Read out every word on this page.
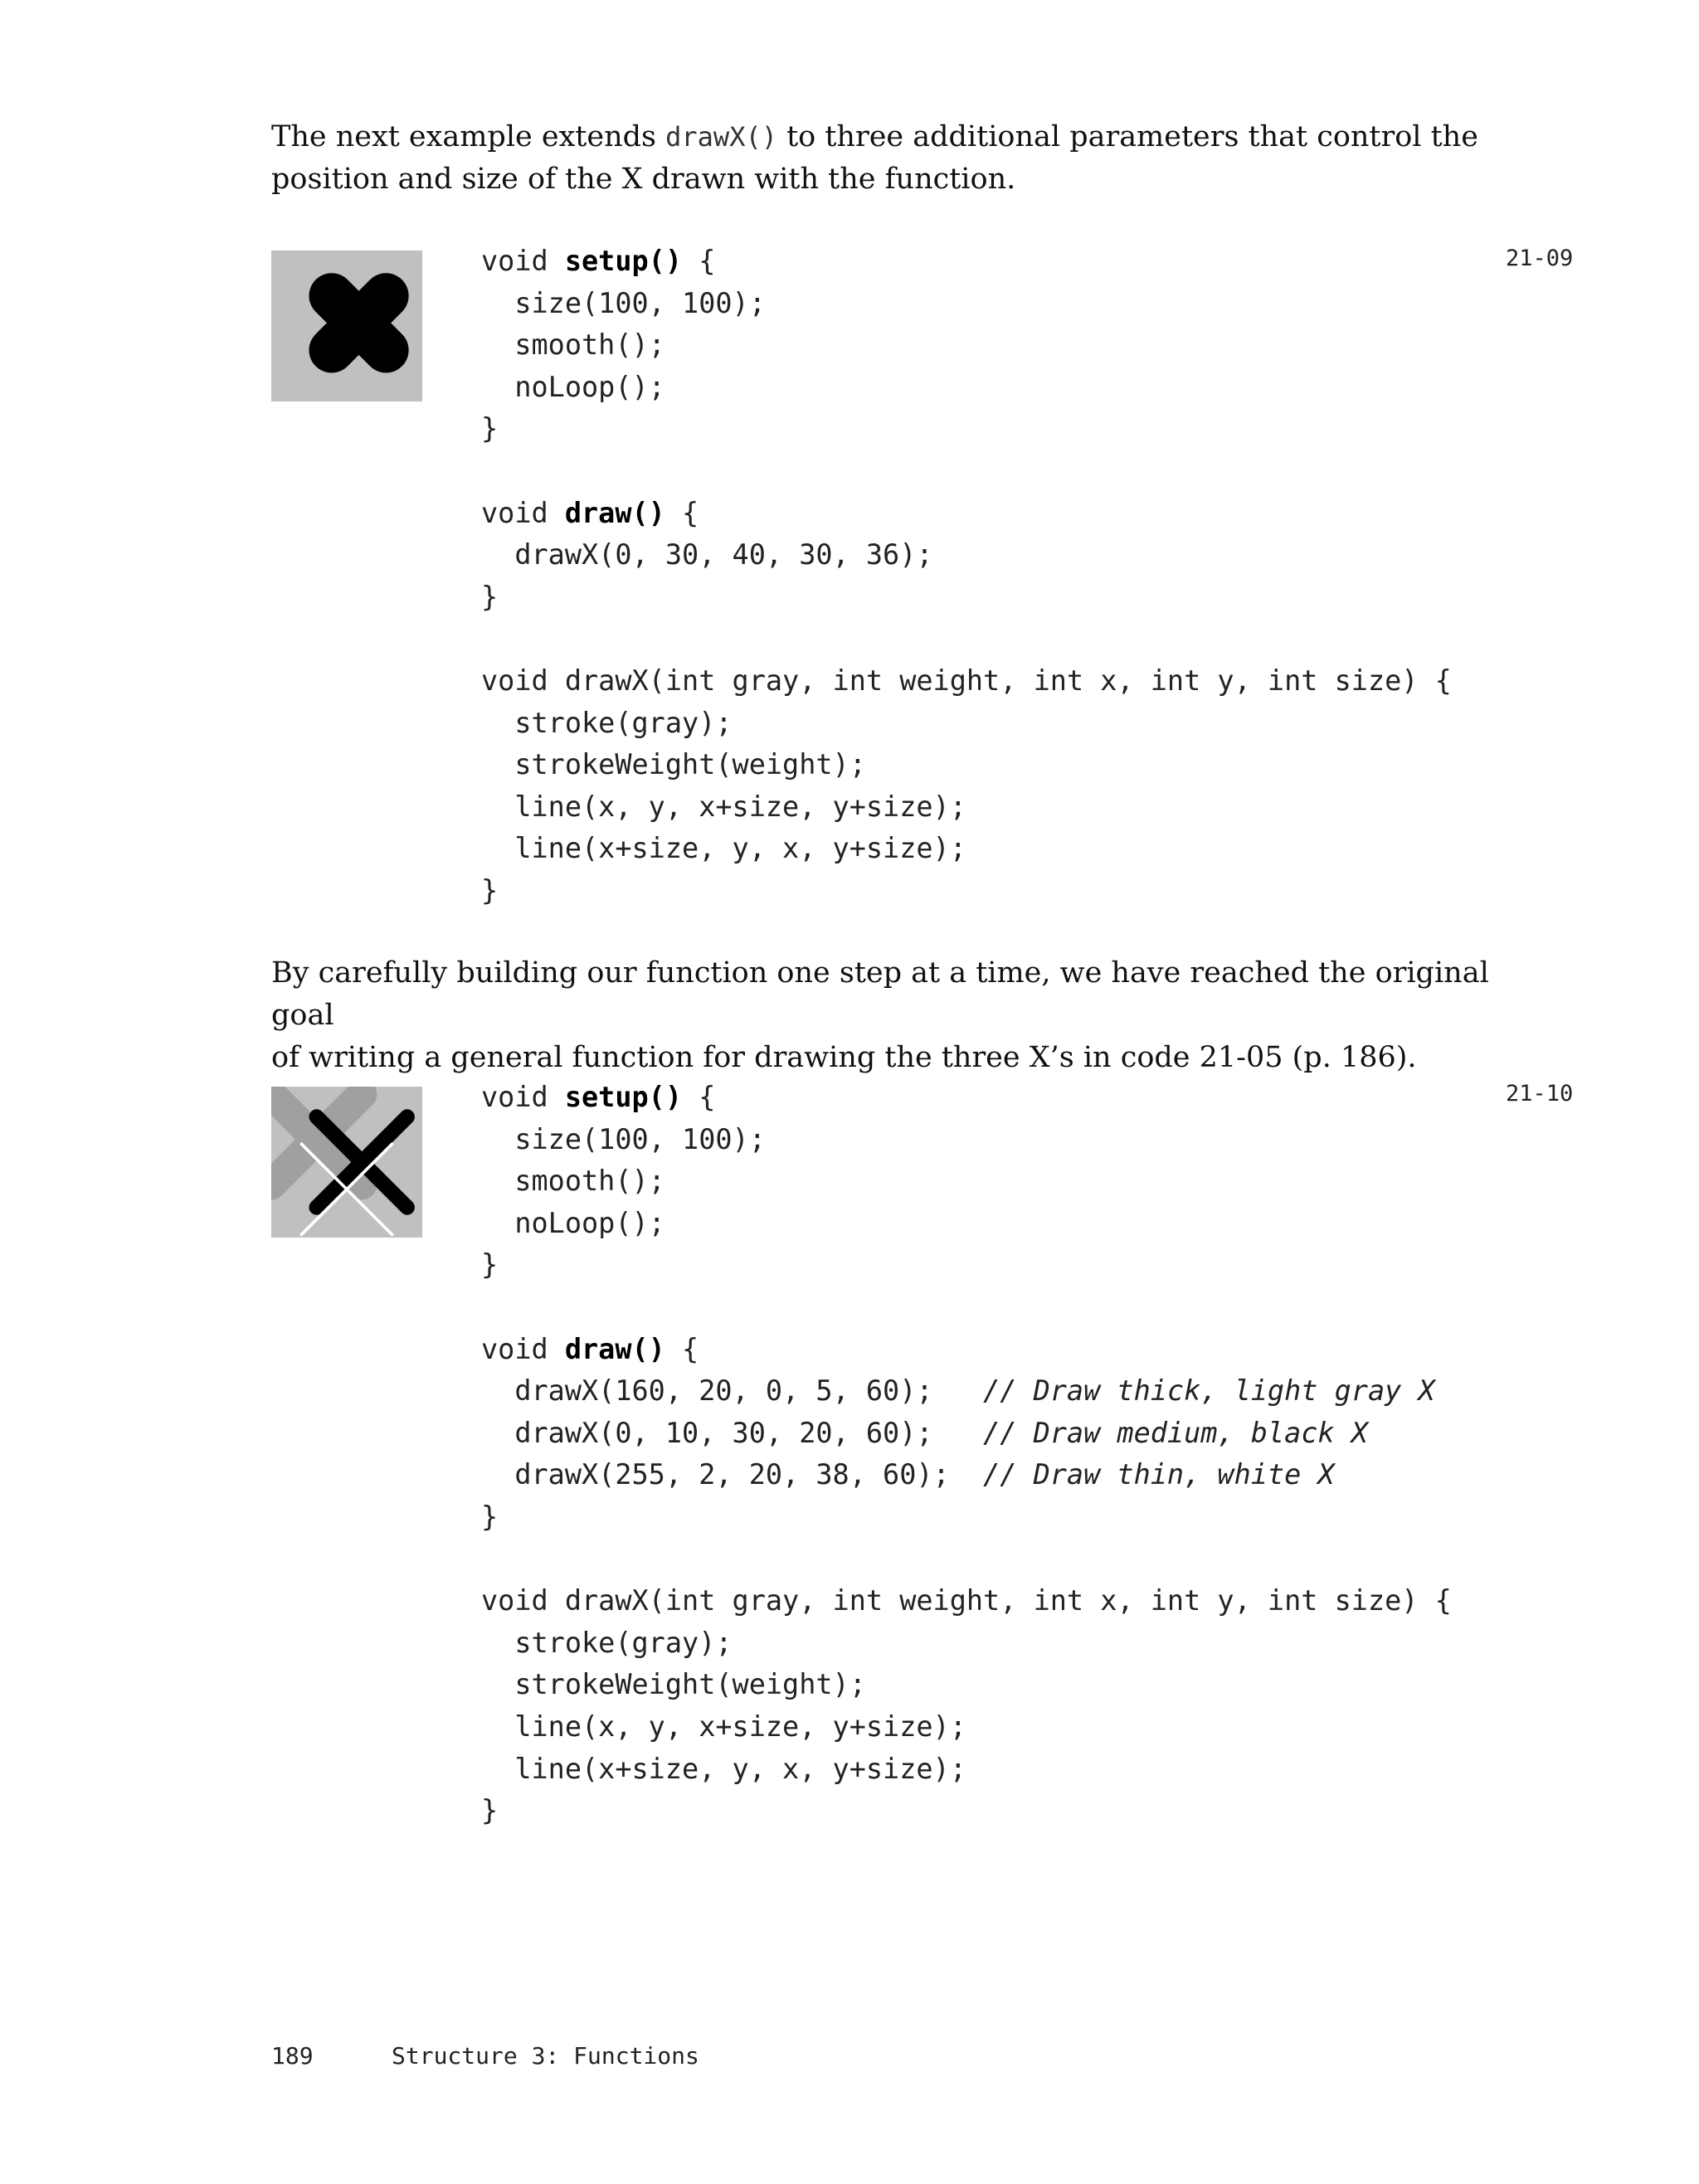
The next example extends drawX() to three additional parameters that control the
position and size of the X drawn with the function.
void setup() {
size(100, 100);
smooth();
noLoop();
}
void draw() {
drawX(0, 30, 40, 30, 36);
}
void drawX(int gray, int weight, int x, int y, int size) {
stroke(gray);
strokeWeight(weight);
line(x, y, x+size, y+size);
line(x+size, y, x, y+size);
}
21-09
By carefully building our function one step at a time, we have reached the original goal
of writing a general function for drawing the three X’s in code 21-05 (p. 186).
void setup() {
size(100, 100);
smooth();
noLoop();
}
void draw() {
drawX(160, 20, 0, 5, 60);   // Draw thick, light gray X
drawX(0, 10, 30, 20, 60);   // Draw medium, black X
drawX(255, 2, 20, 38, 60);  // Draw thin, white X
}
void drawX(int gray, int weight, int x, int y, int size) {
stroke(gray);
strokeWeight(weight);
line(x, y, x+size, y+size);
line(x+size, y, x, y+size);
}
21-10
189	Structure 3: Functions
